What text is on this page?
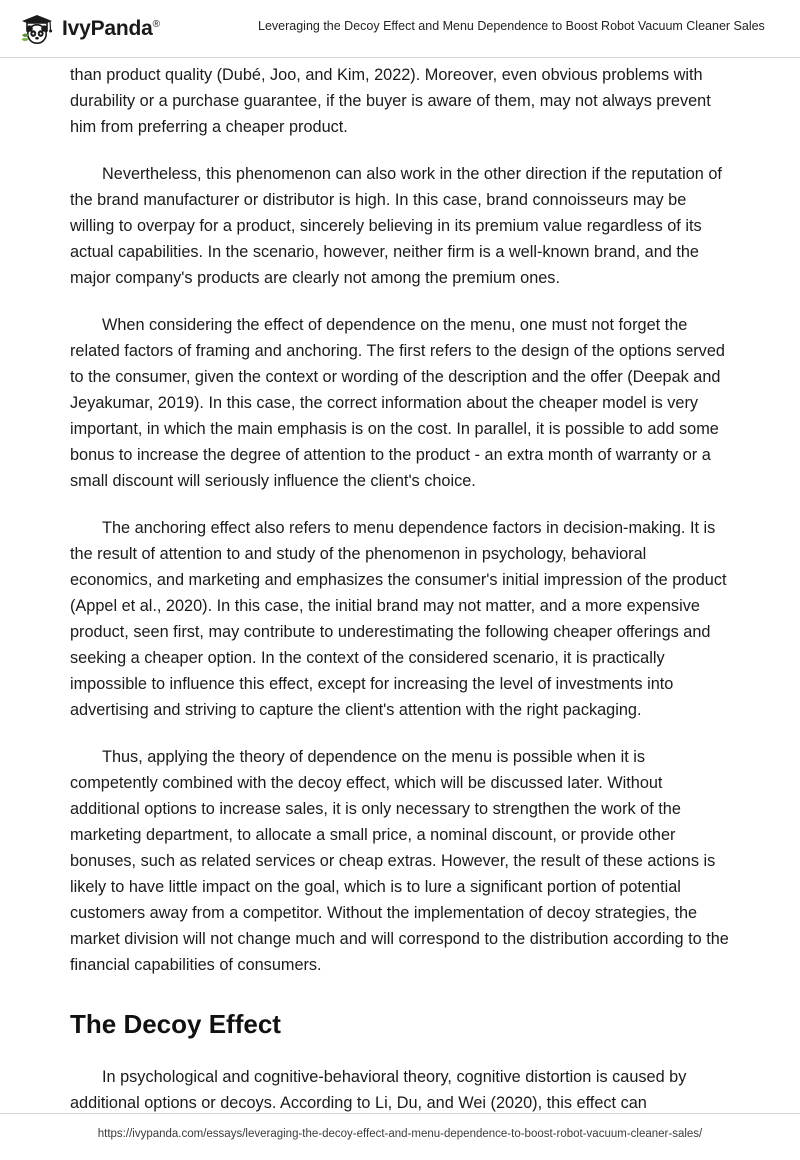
IvyPanda®	Leveraging the Decoy Effect and Menu Dependence to Boost Robot Vacuum Cleaner Sales

than product quality (Dubé, Joo, and Kim, 2022). Moreover, even obvious problems with durability or a purchase guarantee, if the buyer is aware of them, may not always prevent him from preferring a cheaper product.

Nevertheless, this phenomenon can also work in the other direction if the reputation of the brand manufacturer or distributor is high. In this case, brand connoisseurs may be willing to overpay for a product, sincerely believing in its premium value regardless of its actual capabilities. In the scenario, however, neither firm is a well-known brand, and the major company's products are clearly not among the premium ones.

When considering the effect of dependence on the menu, one must not forget the related factors of framing and anchoring. The first refers to the design of the options served to the consumer, given the context or wording of the description and the offer (Deepak and Jeyakumar, 2019). In this case, the correct information about the cheaper model is very important, in which the main emphasis is on the cost. In parallel, it is possible to add some bonus to increase the degree of attention to the product - an extra month of warranty or a small discount will seriously influence the client's choice.

The anchoring effect also refers to menu dependence factors in decision-making. It is the result of attention to and study of the phenomenon in psychology, behavioral economics, and marketing and emphasizes the consumer's initial impression of the product (Appel et al., 2020). In this case, the initial brand may not matter, and a more expensive product, seen first, may contribute to underestimating the following cheaper offerings and seeking a cheaper option. In the context of the considered scenario, it is practically impossible to influence this effect, except for increasing the level of investments into advertising and striving to capture the client's attention with the right packaging.

Thus, applying the theory of dependence on the menu is possible when it is competently combined with the decoy effect, which will be discussed later. Without additional options to increase sales, it is only necessary to strengthen the work of the marketing department, to allocate a small price, a nominal discount, or provide other bonuses, such as related services or cheap extras. However, the result of these actions is likely to have little impact on the goal, which is to lure a significant portion of potential customers away from a competitor. Without the implementation of decoy strategies, the market division will not change much and will correspond to the distribution according to the financial capabilities of consumers.

The Decoy Effect

In psychological and cognitive-behavioral theory, cognitive distortion is caused by additional options or decoys. According to Li, Du, and Wei (2020), this effect can

https://ivypanda.com/essays/leveraging-the-decoy-effect-and-menu-dependence-to-boost-robot-vacuum-cleaner-sales/
